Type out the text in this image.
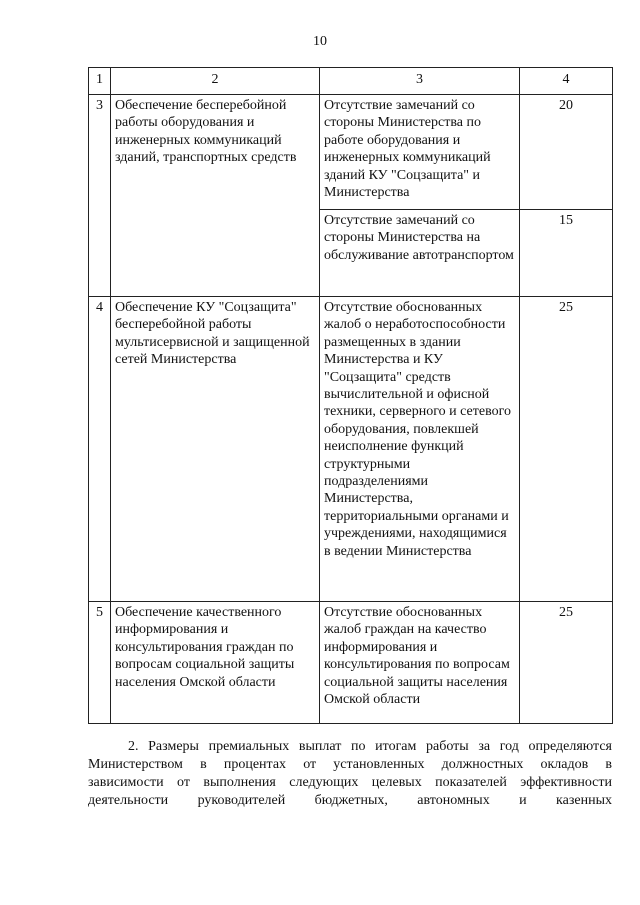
10
1	2	3	4
3	Обеспечение бесперебойной работы оборудования и инженерных коммуникаций зданий, транспортных средств	Отсутствие замечаний со стороны Министерства по работе оборудования и инженерных коммуникаций зданий КУ "Соцзащита" и Министерства	20
		Отсутствие замечаний со стороны Министерства на обслуживание автотранспортом	15
4	Обеспечение КУ "Соцзащита" бесперебойной работы мультисервисной и защищенной сетей Министерства	Отсутствие обоснованных жалоб о неработоспособности размещенных в здании Министерства и КУ "Соцзащита" средств вычислительной и офисной техники, серверного и сетевого оборудования, повлекшей неисполнение функций структурными подразделениями Министерства, территориальными органами и учреждениями, находящимися в ведении Министерства	25
5	Обеспечение качественного информирования и консультирования граждан по вопросам социальной защиты населения Омской области	Отсутствие обоснованных жалоб граждан на качество информирования и консультирования по вопросам социальной защиты населения Омской области	25
2. Размеры премиальных выплат по итогам работы за год определяются
Министерством в процентах от установленных должностных окладов в
зависимости от выполнения следующих целевых показателей эффективности
деятельности руководителей бюджетных, автономных и казенных
